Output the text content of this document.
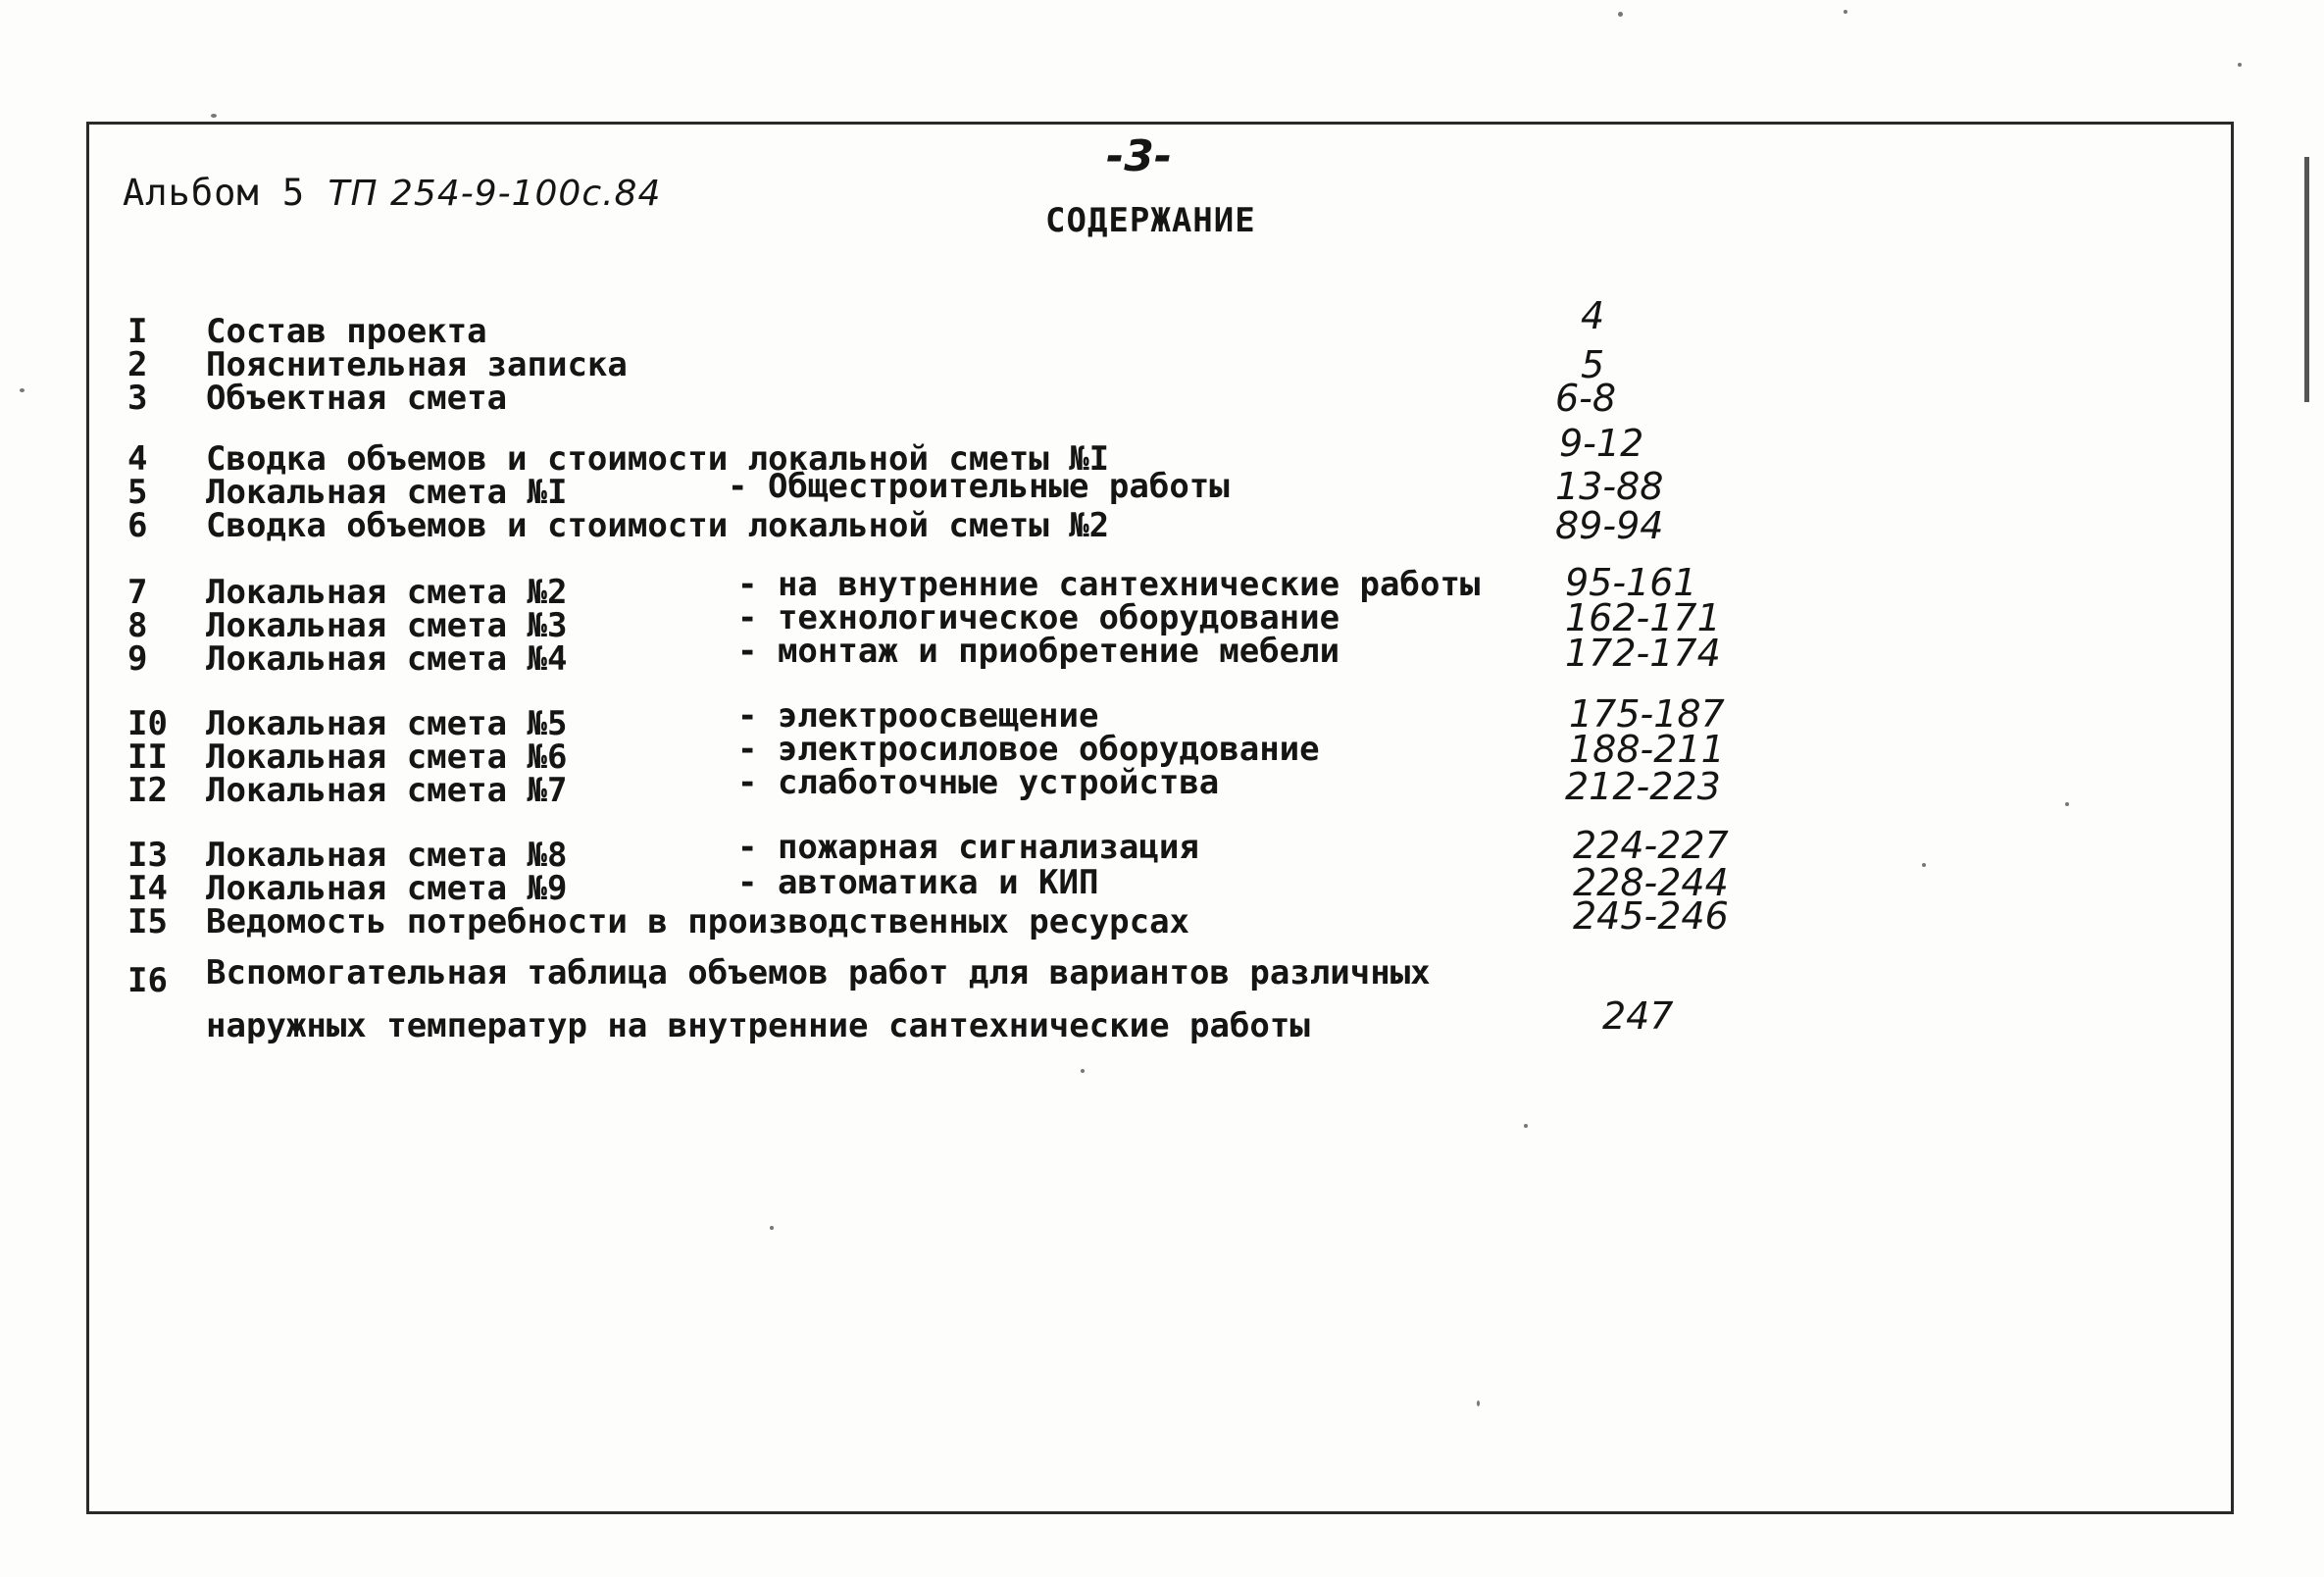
Альбом 5 ТП 254-9-100с.84
-3-
СОДЕРЖАНИЕ
I Состав проекта	4
2 Пояснительная записка	5
3 Объектная смета	6-8
4 Сводка объемов и стоимости локальной сметы №I	9-12
5 Локальная смета №I	- Общестроительные работы	13-88
6 Сводка объемов и стоимости локальной сметы №2	89-94
7 Локальная смета №2	- на внутренние сантехнические работы 95-161
8 Локальная смета №3	- технологическое оборудование	162-171
9 Локальная смета №4	- монтаж и приобретение мебели	172-174
I0 Локальная смета №5	- электроосвещение	175-187
II Локальная смета №6	- электросиловое оборудование	188-211
I2 Локальная смета №7	- слаботочные устройства	212-223
I3 Локальная смета №8	- пожарная сигнализация	224-227
I4 Локальная смета №9	- автоматика и КИП	228-244
I5 Ведомость потребности в производственных ресурсах	245-246
I6 Вспомогательная таблица объемов работ для вариантов различных
наружных температур на внутренние сантехнические работы	247
